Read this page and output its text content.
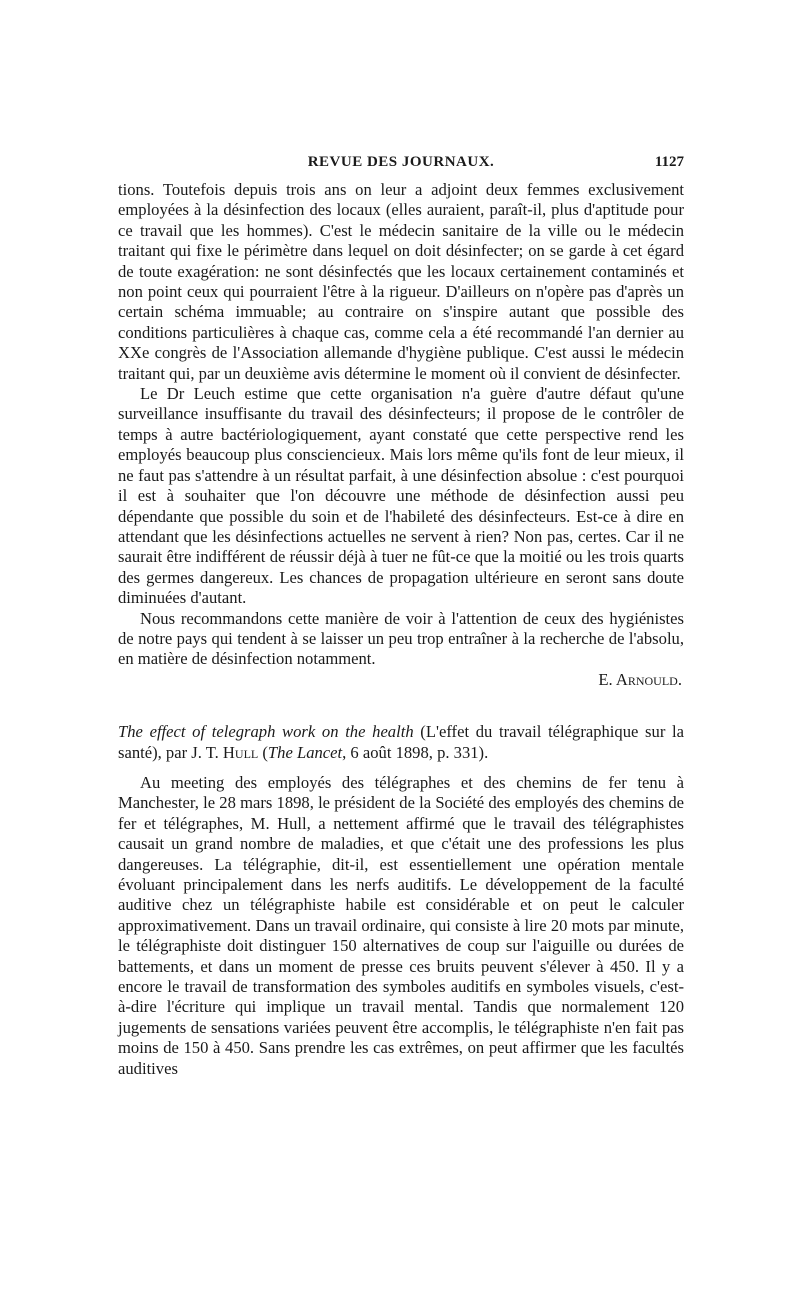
REVUE DES JOURNAUX.	1127

tions. Toutefois depuis trois ans on leur a adjoint deux femmes exclusivement employées à la désinfection des locaux (elles auraient, paraît-il, plus d'aptitude pour ce travail que les hommes). C'est le médecin sanitaire de la ville ou le médecin traitant qui fixe le périmètre dans lequel on doit désinfecter; on se garde à cet égard de toute exagération: ne sont désinfectés que les locaux certainement contaminés et non point ceux qui pourraient l'être à la rigueur. D'ailleurs on n'opère pas d'après un certain schéma immuable; au contraire on s'inspire autant que possible des conditions particulières à chaque cas, comme cela a été recommandé l'an dernier au XXe congrès de l'Association allemande d'hygiène publique. C'est aussi le médecin traitant qui, par un deuxième avis détermine le moment où il convient de désinfecter.

Le Dr Leuch estime que cette organisation n'a guère d'autre défaut qu'une surveillance insuffisante du travail des désinfecteurs; il propose de le contrôler de temps à autre bactériologiquement, ayant constaté que cette perspective rend les employés beaucoup plus consciencieux. Mais lors même qu'ils font de leur mieux, il ne faut pas s'attendre à un résultat parfait, à une désinfection absolue : c'est pourquoi il est à souhaiter que l'on découvre une méthode de désinfection aussi peu dépendante que possible du soin et de l'habileté des désinfecteurs. Est-ce à dire en attendant que les désinfections actuelles ne servent à rien? Non pas, certes. Car il ne saurait être indifférent de réussir déjà à tuer ne fût-ce que la moitié ou les trois quarts des germes dangereux. Les chances de propagation ultérieure en seront sans doute diminuées d'autant.

Nous recommandons cette manière de voir à l'attention de ceux des hygiénistes de notre pays qui tendent à se laisser un peu trop entraîner à la recherche de l'absolu, en matière de désinfection notamment.

E. Arnould.

The effect of telegraph work on the health (L'effet du travail télégraphique sur la santé), par J. T. Hull (The Lancet, 6 août 1898, p. 331).

Au meeting des employés des télégraphes et des chemins de fer tenu à Manchester, le 28 mars 1898, le président de la Société des employés des chemins de fer et télégraphes, M. Hull, a nettement affirmé que le travail des télégraphistes causait un grand nombre de maladies, et que c'était une des professions les plus dangereuses. La télégraphie, dit-il, est essentiellement une opération mentale évoluant principalement dans les nerfs auditifs. Le développement de la faculté auditive chez un télégraphiste habile est considérable et on peut le calculer approximativement. Dans un travail ordinaire, qui consiste à lire 20 mots par minute, le télégraphiste doit distinguer 150 alternatives de coup sur l'aiguille ou durées de battements, et dans un moment de presse ces bruits peuvent s'élever à 450. Il y a encore le travail de transformation des symboles auditifs en symboles visuels, c'est-à-dire l'écriture qui implique un travail mental. Tandis que normalement 120 jugements de sensations variées peuvent être accomplis, le télégraphiste n'en fait pas moins de 150 à 450. Sans prendre les cas extrêmes, on peut affirmer que les facultés auditives
